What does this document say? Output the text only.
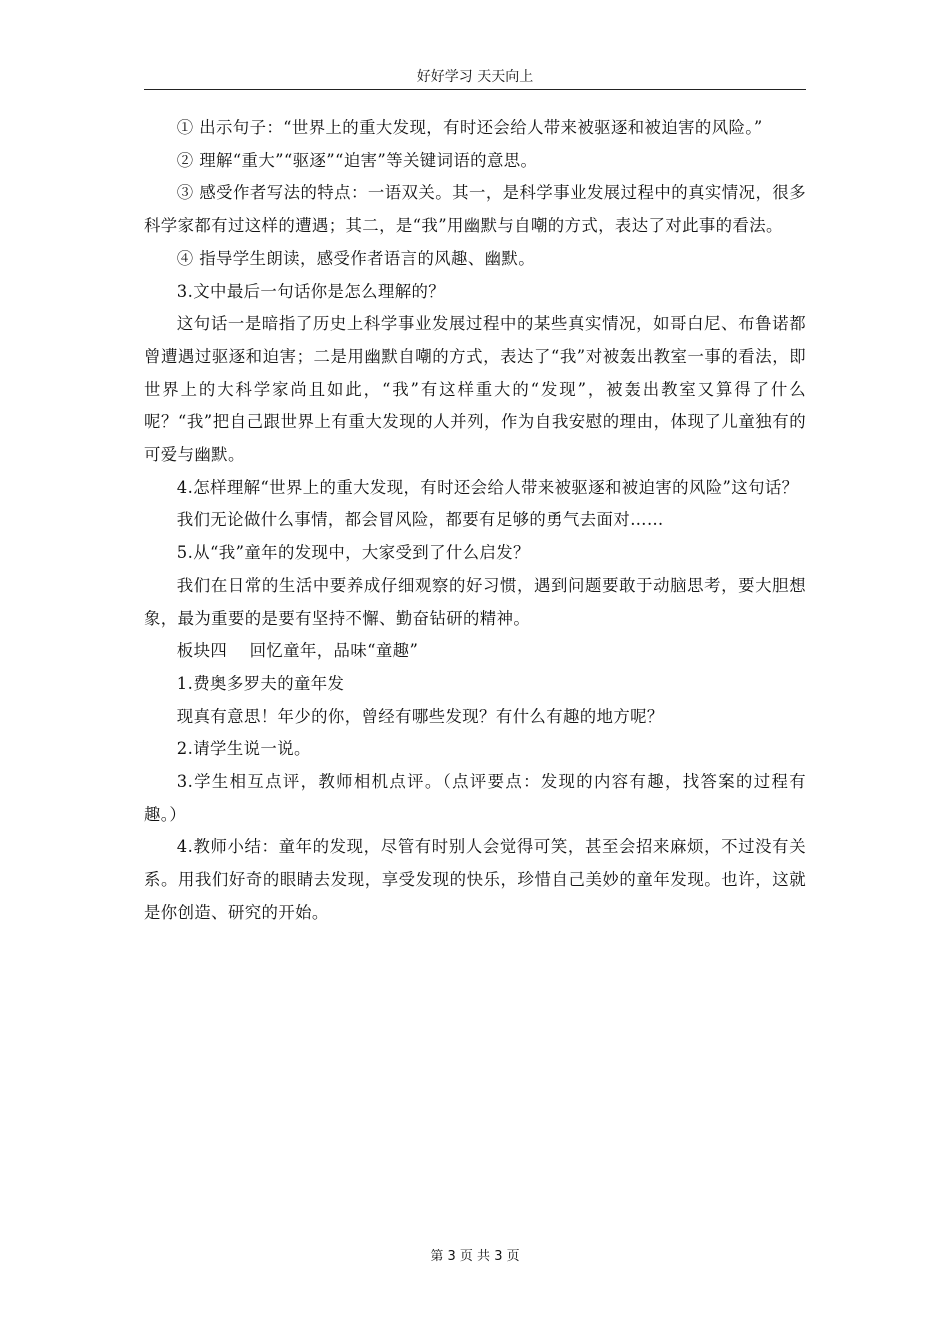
好好学习 天天向上

① 出示句子：“世界上的重大发现，有时还会给人带来被驱逐和被迫害的风险。”

② 理解“重大”“驱逐”“迫害”等关键词语的意思。

③ 感受作者写法的特点：一语双关。其一，是科学事业发展过程中的真实情况，很多科学家都有过这样的遭遇；其二，是“我”用幽默与自嘲的方式，表达了对此事的看法。

④ 指导学生朗读，感受作者语言的风趣、幽默。

3.文中最后一句话你是怎么理解的？

这句话一是暗指了历史上科学事业发展过程中的某些真实情况，如哥白尼、布鲁诺都曾遭遇过驱逐和迫害；二是用幽默自嘲的方式，表达了“我”对被轰出教室一事的看法，即世界上的大科学家尚且如此，“我”有这样重大的“发现”，被轰出教室又算得了什么呢？“我”把自己跟世界上有重大发现的人并列，作为自我安慰的理由，体现了儿童独有的可爱与幽默。

4.怎样理解“世界上的重大发现，有时还会给人带来被驱逐和被迫害的风险”这句话？

我们无论做什么事情，都会冒风险，都要有足够的勇气去面对……

5.从“我”童年的发现中，大家受到了什么启发？

我们在日常的生活中要养成仔细观察的好习惯，遇到问题要敢于动脑思考，要大胆想象，最为重要的是要有坚持不懈、勤奋钻研的精神。

板块四　 回忆童年，品味“童趣”

1.费奥多罗夫的童年发

现真有意思！年少的你，曾经有哪些发现？有什么有趣的地方呢？

2.请学生说一说。

3.学生相互点评，教师相机点评。（点评要点：发现的内容有趣，找答案的过程有趣。）

4.教师小结：童年的发现，尽管有时别人会觉得可笑，甚至会招来麻烦，不过没有关系。用我们好奇的眼睛去发现，享受发现的快乐，珍惜自己美妙的童年发现。也许，这就是你创造、研究的开始。

第 3 页 共 3 页
